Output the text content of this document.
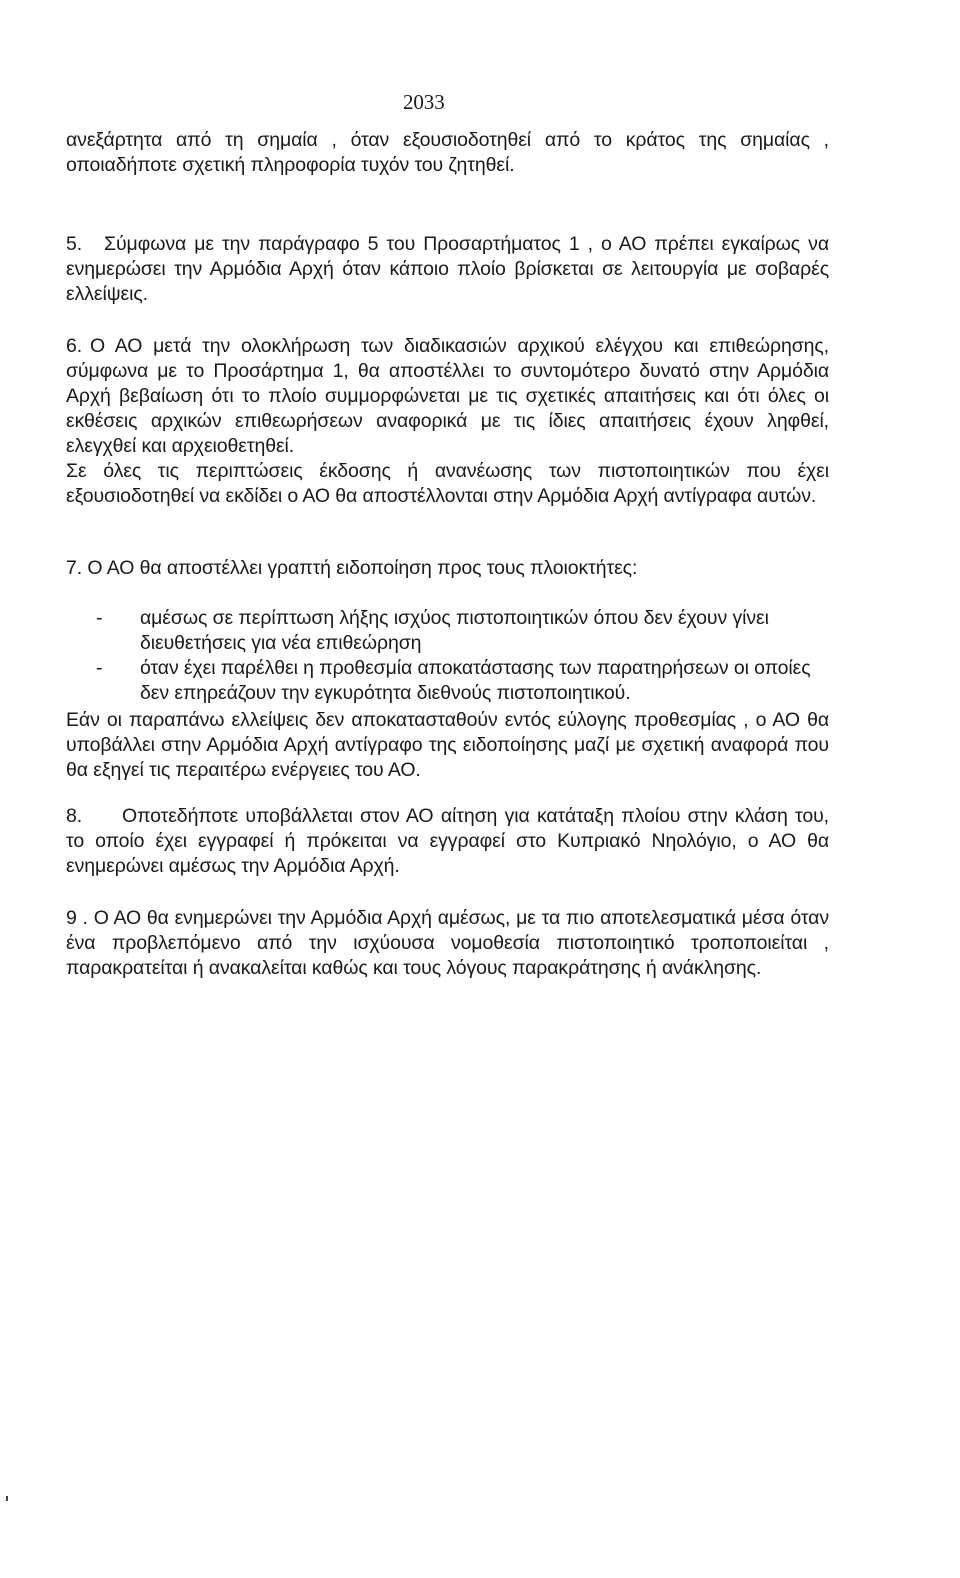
2033

ανεξάρτητα από τη σημαία , όταν εξουσιοδοτηθεί από το κράτος της σημαίας , οποιαδήποτε σχετική πληροφορία τυχόν του ζητηθεί.

5. Σύμφωνα με την παράγραφο 5 του Προσαρτήματος 1 , ο ΑΟ πρέπει εγκαίρως να ενημερώσει την Αρμόδια Αρχή όταν κάποιο πλοίο βρίσκεται σε λειτουργία με σοβαρές ελλείψεις.

6. Ο ΑΟ μετά την ολοκλήρωση των διαδικασιών αρχικού ελέγχου και επιθεώρησης, σύμφωνα με το Προσάρτημα 1, θα αποστέλλει το συντομότερο δυνατό στην Αρμόδια Αρχή βεβαίωση ότι το πλοίο συμμορφώνεται με τις σχετικές απαιτήσεις και ότι όλες οι εκθέσεις αρχικών επιθεωρήσεων αναφορικά με τις ίδιες απαιτήσεις έχουν ληφθεί, ελεγχθεί και αρχειοθετηθεί.

Σε όλες τις περιπτώσεις έκδοσης ή ανανέωσης των πιστοποιητικών που έχει εξουσιοδοτηθεί να εκδίδει ο ΑΟ θα αποστέλλονται στην Αρμόδια Αρχή αντίγραφα αυτών.

7. Ο ΑΟ θα αποστέλλει γραπτή ειδοποίηση προς τους πλοιοκτήτες:

- αμέσως σε περίπτωση λήξης ισχύος πιστοποιητικών όπου δεν έχουν γίνει διευθετήσεις για νέα επιθεώρηση
- όταν έχει παρέλθει η προθεσμία αποκατάστασης των παρατηρήσεων οι οποίες δεν επηρεάζουν την εγκυρότητα διεθνούς πιστοποιητικού.

Εάν οι παραπάνω ελλείψεις δεν αποκατασταθούν εντός εύλογης προθεσμίας , ο ΑΟ θα υποβάλλει στην Αρμόδια Αρχή αντίγραφο της ειδοποίησης μαζί με σχετική αναφορά που θα εξηγεί τις περαιτέρω ενέργειες του ΑΟ.

8. Οποτεδήποτε υποβάλλεται στον ΑΟ αίτηση για κατάταξη πλοίου στην κλάση του, το οποίο έχει εγγραφεί ή πρόκειται να εγγραφεί στο Κυπριακό Νηολόγιο, ο ΑΟ θα ενημερώνει αμέσως την Αρμόδια Αρχή.

9 . Ο ΑΟ θα ενημερώνει την Αρμόδια Αρχή αμέσως, με τα πιο αποτελεσματικά μέσα όταν ένα προβλεπόμενο από την ισχύουσα νομοθεσία πιστοποιητικό τροποποιείται , παρακρατείται ή ανακαλείται καθώς και τους λόγους παρακράτησης ή ανάκλησης.
